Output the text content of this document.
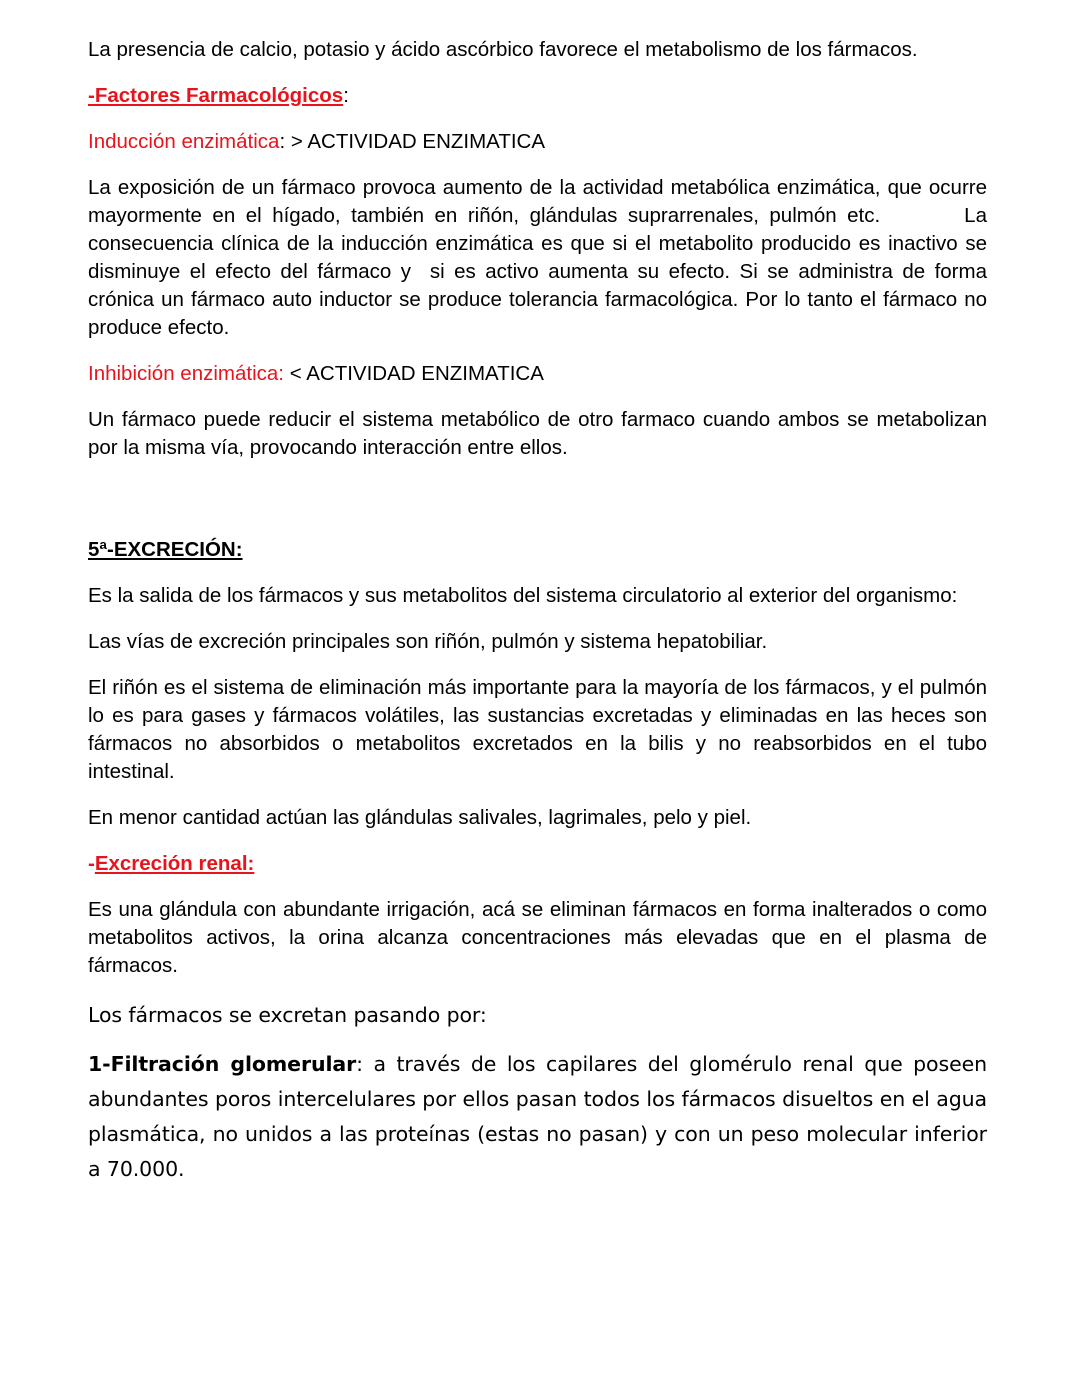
La presencia de calcio, potasio y ácido ascórbico favorece el metabolismo de los fármacos.

-Factores Farmacológicos:

Inducción enzimática: > ACTIVIDAD ENZIMATICA

La exposición de un fármaco provoca aumento de la actividad metabólica enzimática, que ocurre mayormente en el hígado, también en riñón, glándulas suprarrenales, pulmón etc.        La consecuencia clínica de la inducción enzimática es que si el metabolito producido es inactivo se disminuye el efecto del fármaco y  si es activo aumenta su efecto. Si se administra de forma crónica un fármaco auto inductor se produce tolerancia farmacológica. Por lo tanto el fármaco no produce efecto.

Inhibición enzimática: < ACTIVIDAD ENZIMATICA

Un fármaco puede reducir el sistema metabólico de otro farmaco cuando ambos se metabolizan por la misma vía, provocando interacción entre ellos.

5ª-EXCRECIÓN:

Es la salida de los fármacos y sus metabolitos del sistema circulatorio al exterior del organismo:

Las vías de excreción principales son riñón, pulmón y sistema hepatobiliar.

El riñón es el sistema de eliminación más importante para la mayoría de los fármacos, y el pulmón lo es para gases y fármacos volátiles, las sustancias excretadas y eliminadas en las heces son fármacos no absorbidos o metabolitos excretados en la bilis y no reabsorbidos en el tubo intestinal.

En menor cantidad actúan las glándulas salivales, lagrimales, pelo y piel.

-Excreción renal:

Es una glándula con abundante irrigación, acá se eliminan fármacos en forma inalterados o como metabolitos activos, la orina alcanza concentraciones más elevadas que en el plasma de fármacos.

Los fármacos se excretan pasando por:

1-Filtración glomerular: a través de los capilares del glomérulo renal que poseen abundantes poros intercelulares por ellos pasan todos los fármacos disueltos en el agua plasmática, no unidos a las proteínas (estas no pasan) y con un peso molecular inferior a 70.000.
